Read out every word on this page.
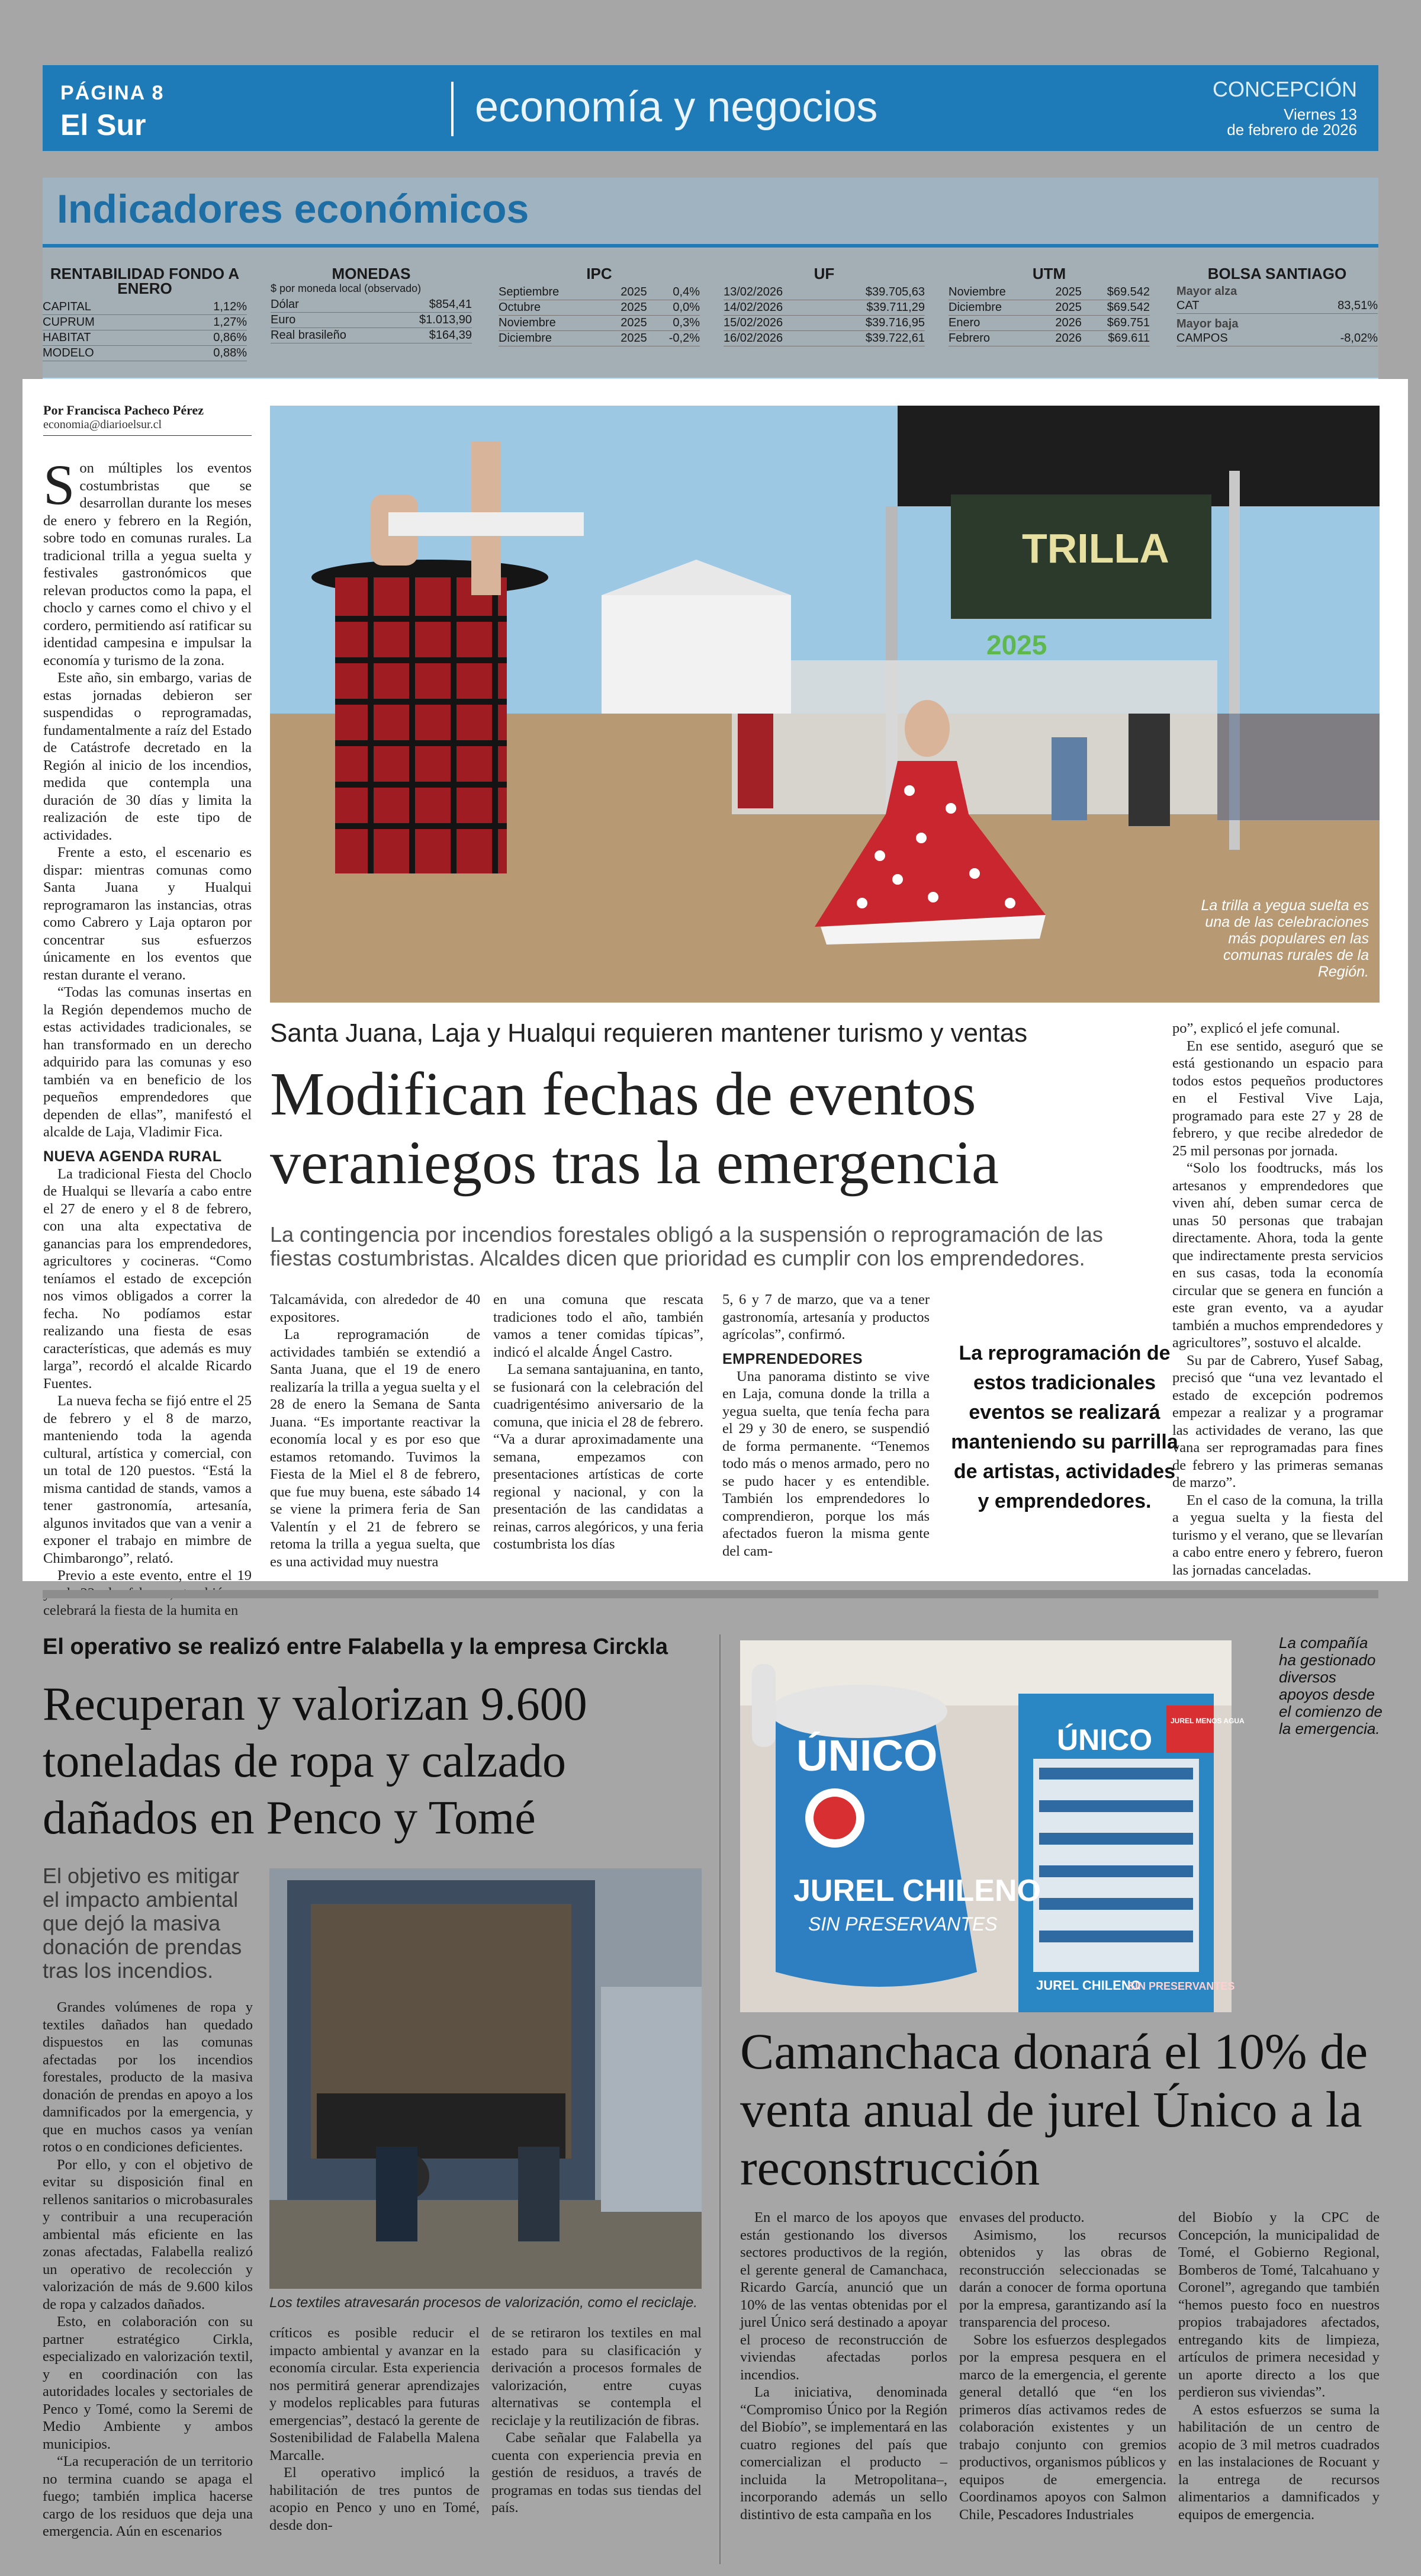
PÁGINA 8
El Sur	economía y negocios	CONCEPCIÓN
Viernes 13
de febrero de 2026
Indicadores económicos
RENTABILIDAD FONDO A ENERO
CAPITAL	1,12%
CUPRUM	1,27%
HABITAT	0,86%
MODELO	0,88%
MONEDAS
$ por moneda local (observado)
Dólar	$854,41
Euro	$1.013,90
Real brasileño	$164,39
IPC
Septiembre	2025	0,4%
Octubre	2025	0,0%
Noviembre	2025	0,3%
Diciembre	2025	-0,2%
UF
13/02/2026	$39.705,63
14/02/2026	$39.711,29
15/02/2026	$39.716,95
16/02/2026	$39.722,61
UTM
Noviembre	2025	$69.542
Diciembre	2025	$69.542
Enero	2026	$69.751
Febrero	2026	$69.611
BOLSA SANTIAGO
Mayor alza
CAT	83,51%
Mayor baja
CAMPOS	-8,02%
Por Francisca Pacheco Pérez
economia@diarioelsur.cl

Son múltiples los eventos costumbristas que se desarrollan durante los meses de enero y febrero en la Región, sobre todo en comunas rurales. La tradicional trilla a yegua suelta y festivales gastronómicos que relevan productos como la papa, el choclo y carnes como el chivo y el cordero, permitiendo así ratificar su identidad campesina e impulsar la economía y turismo de la zona.

Este año, sin embargo, varias de estas jornadas debieron ser suspendidas o reprogramadas, fundamentalmente a raíz del Estado de Catástrofe decretado en la Región al inicio de los incendios, medida que contempla una duración de 30 días y limita la realización de este tipo de actividades.

Frente a esto, el escenario es dispar: mientras comunas como Santa Juana y Hualqui reprogramaron las instancias, otras como Cabrero y Laja optaron por concentrar sus esfuerzos únicamente en los eventos que restan durante el verano.

“Todas las comunas insertas en la Región dependemos mucho de estas actividades tradicionales, se han transformado en un derecho adquirido para las comunas y eso también va en beneficio de los pequeños emprendedores que dependen de ellas”, manifestó el alcalde de Laja, Vladimir Fica.

NUEVA AGENDA RURAL

La tradicional Fiesta del Choclo de Hualqui se llevaría a cabo entre el 27 de enero y el 8 de febrero, con una alta expectativa de ganancias para los emprendedores, agricultores y cocineras. “Como teníamos el estado de excepción nos vimos obligados a correr la fecha. No podíamos estar realizando una fiesta de esas características, que además es muy larga”, recordó el alcalde Ricardo Fuentes.

La nueva fecha se fijó entre el 25 de febrero y el 8 de marzo, manteniendo toda la agenda cultural, artística y comercial, con un total de 120 puestos. “Está la misma cantidad de stands, vamos a tener gastronomía, artesanía, algunos invitados que van a venir a exponer el trabajo en mimbre de Chimbarongo”, relató.

Previo a este evento, entre el 19 celebrará la fiesta de la humita en

TRILLA
2025
La trilla a yegua suelta es una de las celebraciones más populares en las comunas rurales de la Región.
Santa Juana, Laja y Hualqui requieren mantener turismo y ventas
Modifican fechas de eventos veraniegos tras la emergencia
La contingencia por incendios forestales obligó a la suspensión o reprogramación de las fiestas costumbristas. Alcaldes dicen que prioridad es cumplir con los emprendedores.

Talcamávida, con alrededor de 40 expositores.

La reprogramación de actividades también se extendió a Santa Juana, que el 19 de enero realizaría la trilla a yegua suelta y el 28 de enero la Semana de Santa Juana. “Es importante reactivar la economía local y es por eso que estamos retomando. Tuvimos la Fiesta de la Miel el 8 de febrero, que fue muy buena, este sábado 14 se viene la primera feria de San Valentín y el 21 de febrero se retoma la trilla a yegua suelta, que es una actividad muy nuestra

en una comuna que rescata tradiciones todo el año, también vamos a tener comidas típicas”, indicó el alcalde Ángel Castro.

La semana santajuanina, en tanto, se fusionará con la celebración del cuadrigentésimo aniversario de la comuna, que inicia el 28 de febrero. “Va a durar aproximadamente una semana, empezamos con presentaciones artísticas de corte regional y nacional, y con la presentación de las candidatas a reinas, carros alegóricos, y una feria costumbrista los días

5, 6 y 7 de marzo, que va a tener gastronomía, artesanía y productos agrícolas”, confirmó.

EMPRENDEDORES

Una panorama distinto se vive en Laja, comuna donde la trilla a yegua suelta, que tenía fecha para el 29 y 30 de enero, se suspendió de forma permanente. “Tenemos todo más o menos armado, pero no se pudo hacer y es entendible. También los emprendedores lo comprendieron, porque los más afectados fueron la misma gente del cam-

La reprogramación de estos tradicionales eventos se realizará manteniendo su parrilla de artistas, actividades y emprendedores.

po”, explicó el jefe comunal.

En ese sentido, aseguró que se está gestionando un espacio para todos estos pequeños productores en el Festival Vive Laja, programado para este 27 y 28 de febrero, y que recibe alrededor de 25 mil personas por jornada.

“Solo los foodtrucks, más los artesanos y emprendedores que viven ahí, deben sumar cerca de unas 50 personas que trabajan directamente. Ahora, toda la gente que indirectamente presta servicios en sus casas, toda la economía circular que se genera en función a este gran evento, va a ayudar también a muchos emprendedores y agricultores”, sostuvo el alcalde.

Su par de Cabrero, Yusef Sabag, precisó que “una vez levantado el estado de excepción podremos empezar a realizar y a programar las actividades de verano, las que vana ser reprogramadas para fines de febrero y las primeras semanas de marzo”.

En el caso de la comuna, la trilla a yegua suelta y la fiesta del turismo y el verano, que se llevarían a cabo entre enero y febrero, fueron las jornadas canceladas.

El operativo se realizó entre Falabella y la empresa Circkla
Recuperan y valorizan 9.600 toneladas de ropa y calzado dañados en Penco y Tomé
El objetivo es mitigar el impacto ambiental que dejó la masiva donación de prendas tras los incendios.

Grandes volúmenes de ropa y textiles dañados han quedado dispuestos en las comunas afectadas por los incendios forestales, producto de la masiva donación de prendas en apoyo a los damnificados por la emergencia, y que en muchos casos ya venían rotos o en condiciones deficientes.

Por ello, y con el objetivo de evitar su disposición final en rellenos sanitarios o microbasurales y contribuir a una recuperación ambiental más eficiente en las zonas afectadas, Falabella realizó un operativo de recolección y valorización de más de 9.600 kilos de ropa y calzados dañados.

Esto, en colaboración con su partner estratégico Cirkla, especializado en valorización textil, y en coordinación con las autoridades locales y sectoriales de Penco y Tomé, como la Seremi de Medio Ambiente y ambos municipios.

“La recuperación de un territorio no termina cuando se apaga el fuego; también implica hacerse cargo de los residuos que deja una emergencia. Aún en escenarios

Los textiles atravesarán procesos de valorización, como el reciclaje.

críticos es posible reducir el impacto ambiental y avanzar en la economía circular. Esta experiencia nos permitirá generar aprendizajes y modelos replicables para futuras emergencias”, destacó la gerente de Sostenibilidad de Falabella Malena Marcalle.

El operativo implicó la habilitación de tres puntos de acopio en Penco y uno en Tomé, desde don-

de se retiraron los textiles en mal estado para su clasificación y derivación a procesos formales de valorización, entre cuyas alternativas se contempla el reciclaje y la reutilización de fibras.

Cabe señalar que Falabella ya cuenta con experiencia previa en gestión de residuos, a través de programas en todas sus tiendas del país.

ÚNICO
JUREL MENOS AGUA
JUREL CHILENO
SIN PRESERVANTES
ÚNICO
JUREL CHILENO
SIN PRESERVANTES
La compañía ha gestionado diversos apoyos desde el comienzo de la emergencia.
Camanchaca donará el 10% de venta anual de jurel Único a la reconstrucción

En el marco de los apoyos que están gestionando los diversos sectores productivos de la región, el gerente general de Camanchaca, Ricardo García, anunció que un 10% de las ventas obtenidas por el jurel Único será destinado a apoyar el proceso de reconstrucción de viviendas afectadas porlos incendios.

La iniciativa, denominada “Compromiso Único por la Región del Biobío”, se implementará en las cuatro regiones del país que comercializan el producto –incluida la Metropolitana–, incorporando además un sello distintivo de esta campaña en los

envases del producto.

Asimismo, los recursos obtenidos y las obras de reconstrucción seleccionadas se darán a conocer de forma oportuna por la empresa, garantizando así la transparencia del proceso.

Sobre los esfuerzos desplegados por la empresa pesquera en el marco de la emergencia, el gerente general detalló que “en los primeros días activamos redes de colaboración existentes y un trabajo conjunto con gremios productivos, organismos públicos y equipos de emergencia. Coordinamos apoyos con Salmon Chile, Pescadores Industriales

del Biobío y la CPC de Concepción, la municipalidad de Tomé, el Gobierno Regional, Bomberos de Tomé, Talcahuano y Coronel”, agregando que también “hemos puesto foco en nuestros propios trabajadores afectados, entregando kits de limpieza, artículos de primera necesidad y un aporte directo a los que perdieron sus viviendas”.

A estos esfuerzos se suma la habilitación de un centro de acopio de 3 mil metros cuadrados en las instalaciones de Rocuant y la entrega de recursos alimentarios a damnificados y equipos de emergencia.
